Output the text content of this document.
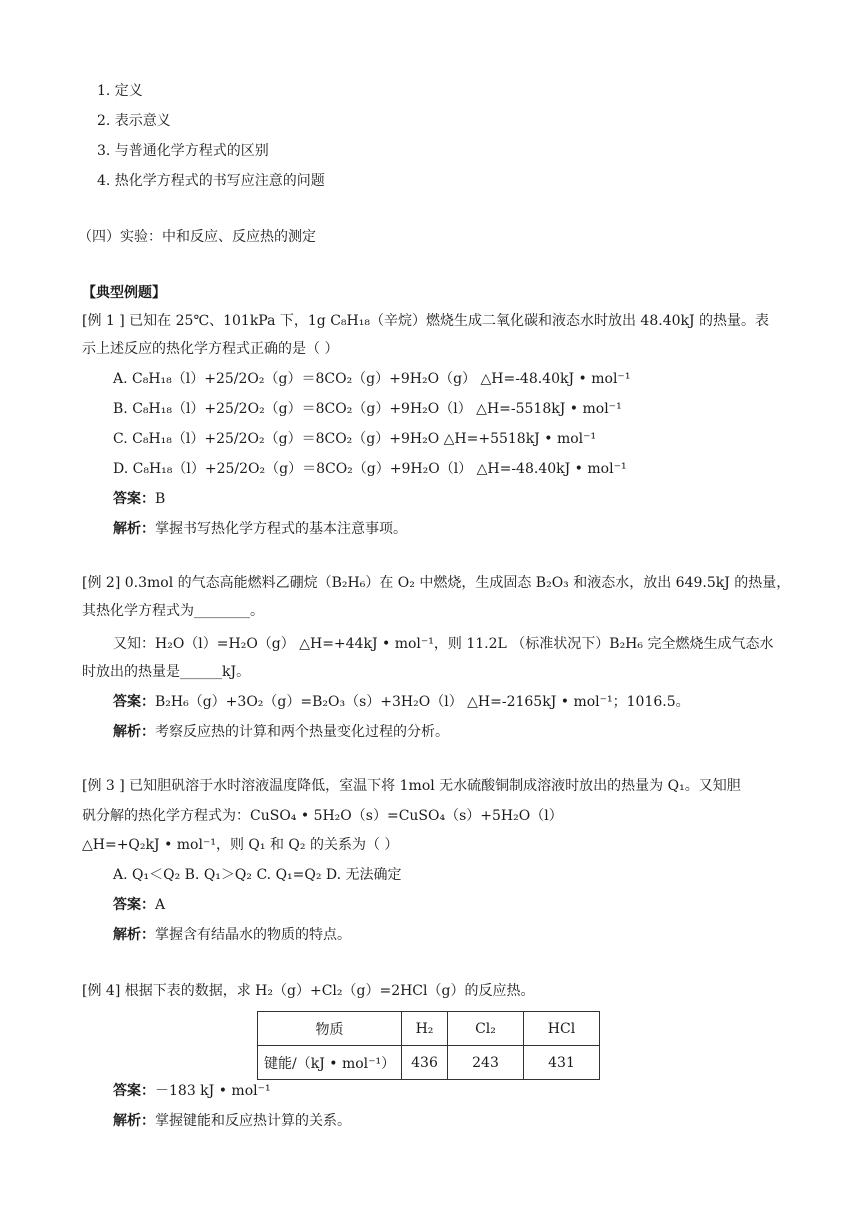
1. 定义
2. 表示意义
3. 与普通化学方程式的区别
4. 热化学方程式的书写应注意的问题
（四）实验：中和反应、反应热的测定
【典型例题】
[例 1 ] 已知在 25℃、101kPa 下，1g C₈H₁₈（辛烷）燃烧生成二氧化碳和液态水时放出 48.40kJ 的热量。表
示上述反应的热化学方程式正确的是（ ）
A. C₈H₁₈（l）+25/2O₂（g）＝8CO₂（g）+9H₂O（g） △H=-48.40kJ • mol⁻¹
B. C₈H₁₈（l）+25/2O₂（g）＝8CO₂（g）+9H₂O（l） △H=-5518kJ • mol⁻¹
C. C₈H₁₈（l）+25/2O₂（g）＝8CO₂（g）+9H₂O △H=+5518kJ • mol⁻¹
D. C₈H₁₈（l）+25/2O₂（g）＝8CO₂（g）+9H₂O（l） △H=-48.40kJ • mol⁻¹
答案：B
解析：掌握书写热化学方程式的基本注意事项。
[例 2] 0.3mol 的气态高能燃料乙硼烷（B₂H₆）在 O₂ 中燃烧，生成固态 B₂O₃ 和液态水，放出 649.5kJ 的热量，
其热化学方程式为________。
又知：H₂O（l）=H₂O（g） △H=+44kJ • mol⁻¹，则 11.2L （标准状况下）B₂H₆ 完全燃烧生成气态水
时放出的热量是______kJ。
答案：B₂H₆（g）+3O₂（g）=B₂O₃（s）+3H₂O（l） △H=-2165kJ • mol⁻¹；1016.5。
解析：考察反应热的计算和两个热量变化过程的分析。
[例 3 ] 已知胆矾溶于水时溶液温度降低，室温下将 1mol 无水硫酸铜制成溶液时放出的热量为 Q₁。又知胆
矾分解的热化学方程式为：CuSO₄ • 5H₂O（s）=CuSO₄（s）+5H₂O（l）
△H=+Q₂kJ • mol⁻¹，则 Q₁ 和 Q₂ 的关系为（ ）
A. Q₁＜Q₂ B. Q₁＞Q₂ C. Q₁=Q₂ D. 无法确定
答案：A
解析：掌握含有结晶水的物质的特点。
[例 4] 根据下表的数据，求 H₂（g）+Cl₂（g）=2HCl（g）的反应热。
物质	H₂	Cl₂	HCl
键能/（kJ • mol⁻¹）	436	243	431
答案：－183 kJ • mol⁻¹
解析：掌握键能和反应热计算的关系。
